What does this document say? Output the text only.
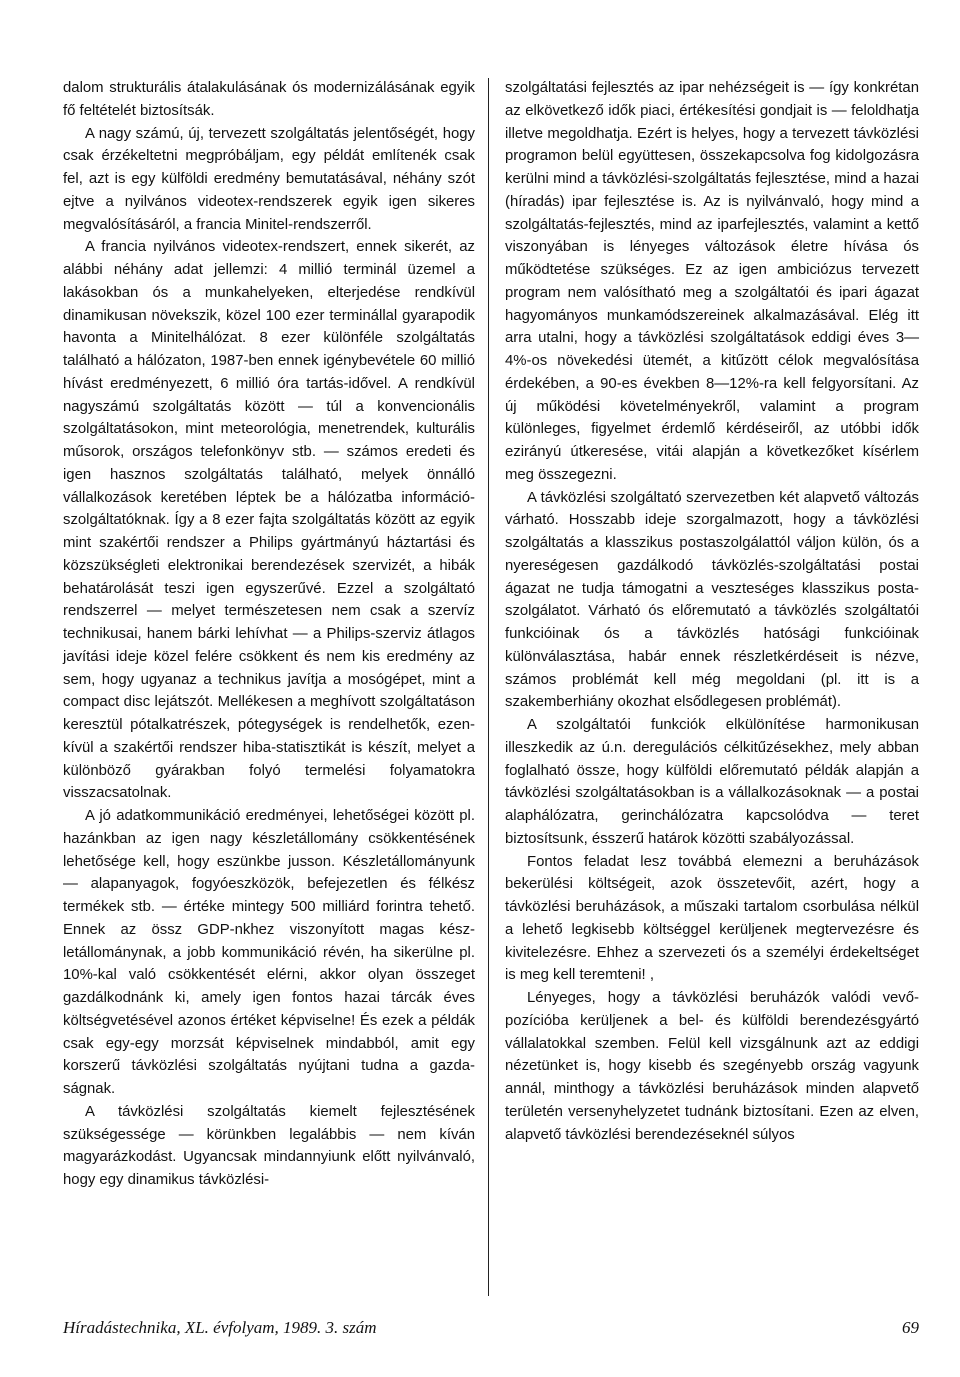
dalom strukturális átalakulásának ós modernizálásának egyik fő feltételét biztosítsák.

A nagy számú, új, tervezett szolgáltatás jelentőségét, hogy csak érzékeltetni megpróbáljam, egy példát említenék csak fel, azt is egy külföldi eredmény bemutatásával, néhány szót ejtve a nyilvános videotex-rendszerek egyik igen sikeres megvalósításáról, a francia Minitel-rendszerről.

A francia nyilvános videotex-rendszert, ennek sikerét, az alábbi néhány adat jellemzi: 4 millió terminál üzemel a lakásokban ós a munkahelyeken, elterjedése rendkívül dinamikusan növekszik, közel 100 ezer terminállal gyarapodik havonta a Minitelhálózat. 8 ezer különféle szolgáltatás található a hálózaton, 1987-ben ennek igénybevétele 60 millió hívást eredményezett, 6 millió óra tartás-idővel. A rendkívül nagyszámú szolgáltatás között — túl a konvencionális szolgáltatásokon, mint meteorológia, menetrendek, kulturális műsorok, országos telefonkönyv stb. — számos eredeti és igen hasznos szolgáltatás található, melyek önnálló vállalkozások keretében léptek be a hálózatba információszolgáltatóknak. Így a 8 ezer fajta szolgáltatás között az egyik mint szakértői rendszer a Philips gyártmányú háztartási és közszükségleti elektronikai berendezések szervizét, a hibák behatárolását teszi igen egyszerűvé. Ezzel a szolgáltató rendszerrel — melyet természetesen nem csak a szervíz technikusai, hanem bárki lehívhat — a Philips-szerviz átlagos javítási ideje közel felére csökkent és nem kis eredmény az sem, hogy ugyanaz a technikus javítja a mosógépet, mint a compact disc lejátszót. Mellékesen a meghívott szolgáltatáson keresztül pótalkatrészek, pótegységek is rendelhetők, ezenkívül a szakértői rendszer hiba-statisztikát is készít, melyet a különböző gyárakban folyó termelési folyamatokra visszacsatolnak.

A jó adatkommunikáció eredményei, lehetőségei között pl. hazánkban az igen nagy készletállomány csökkentésének lehetősége kell, hogy eszünkbe jusson. Készletállományunk — alapanyagok, fogyóeszközök, befejezetlen és félkész termékek stb. — értéke mintegy 500 milliárd forintra tehető. Ennek az össz GDP-nkhez viszonyított magas készletállománynak, a jobb kommunikáció révén, ha sikerülne pl. 10%-kal való csökkentését elérni, akkor olyan összeget gazdálkodnánk ki, amely igen fontos hazai tárcák éves költségvetésével azonos értéket képviselne! És ezek a példák csak egy-egy morzsát képviselnek mindabból, amit egy korszerű távközlési szolgáltatás nyújtani tudna a gazdaságnak.

A távközlési szolgáltatás kiemelt fejlesztésének szükségessége — körünkben legalábbis — nem kíván magyarázkodást. Ugyancsak mindannyiunk előtt nyilvánvaló, hogy egy dinamikus távközlési-

szolgáltatási fejlesztés az ipar nehézségeit is — így konkrétan az elkövetkező idők piaci, értékesítési gondjait is — feloldhatja illetve megoldhatja. Ezért is helyes, hogy a tervezett távközlési programon belül együttesen, összekapcsolva fog kidolgozásra kerülni mind a távközlési-szolgáltatás fejlesztése, mind a hazai (híradás) ipar fejlesztése is. Az is nyilvánvaló, hogy mind a szolgáltatás-fejlesztés, mind az iparfejlesztés, valamint a kettő viszonyában is lényeges változások életre hívása ós működtetése szükséges. Ez az igen ambiciózus tervezett program nem valósítható meg a szolgáltatói és ipari ágazat hagyományos munkamódszereinek alkalmazásával. Elég itt arra utalni, hogy a távközlési szolgáltatások eddigi éves 3—4%-os növekedési ütemét, a kitűzött célok megvalósítása érdekében, a 90-es években 8—12%-ra kell felgyorsítani. Az új működési követelményekről, valamint a program különleges, figyelmet érdemlő kérdéseiről, az utóbbi idők ezirányú útkeresése, vitái alapján a következőket kísérlem meg összegezni.

A távközlési szolgáltató szervezetben két alapvető változás várható. Hosszabb ideje szorgalmazott, hogy a távközlési szolgáltatás a klasszikus postaszolgálattól váljon külön, ós a nyereségesen gazdálkodó távközlés-szolgáltatási postai ágazat ne tudja támogatni a veszteséges klasszikus postaszolgálatot. Várható ós előremutató a távközlés szolgáltatói funkcióinak ós a távközlés hatósági funkcióinak különválasztása, habár ennek részletkérdéseit is nézve, számos problémát kell még megoldani (pl. itt is a szakemberhiány okozhat elsődlegesen problémát).

A szolgáltatói funkciók elkülönítése harmonikusan illeszkedik az ú.n. deregulációs célkitűzésekhez, mely abban foglalható össze, hogy külföldi előremutató példák alapján a távközlési szolgáltatásokban is a vállalkozásoknak — a postai alaphálózatra, gerinchálózatra kapcsolódva — teret biztosítsunk, ésszerű határok közötti szabályozással.

Fontos feladat lesz továbbá elemezni a beruházások bekerülési költségeit, azok összetevőit, azért, hogy a távközlési beruházások, a műszaki tartalom csorbulása nélkül a lehető legkisebb költséggel kerüljenek megtervezésre és kivitelezésre. Ehhez a szervezeti ós a személyi érdekeltséget is meg kell teremteni! ,

Lényeges, hogy a távközlési beruházók valódi vevő-pozícióba kerüljenek a bel- és külföldi berendezésgyártó vállalatokkal szemben. Felül kell vizsgálnunk azt az eddigi nézetünket is, hogy kisebb és szegényebb ország vagyunk annál, minthogy a távközlési beruházások minden alapvető területén versenyhelyzetet tudnánk biztosítani. Ezen az elven, alapvető távközlési berendezéseknél súlyos

Híradástechnika, XL. évfolyam, 1989. 3. szám	69
